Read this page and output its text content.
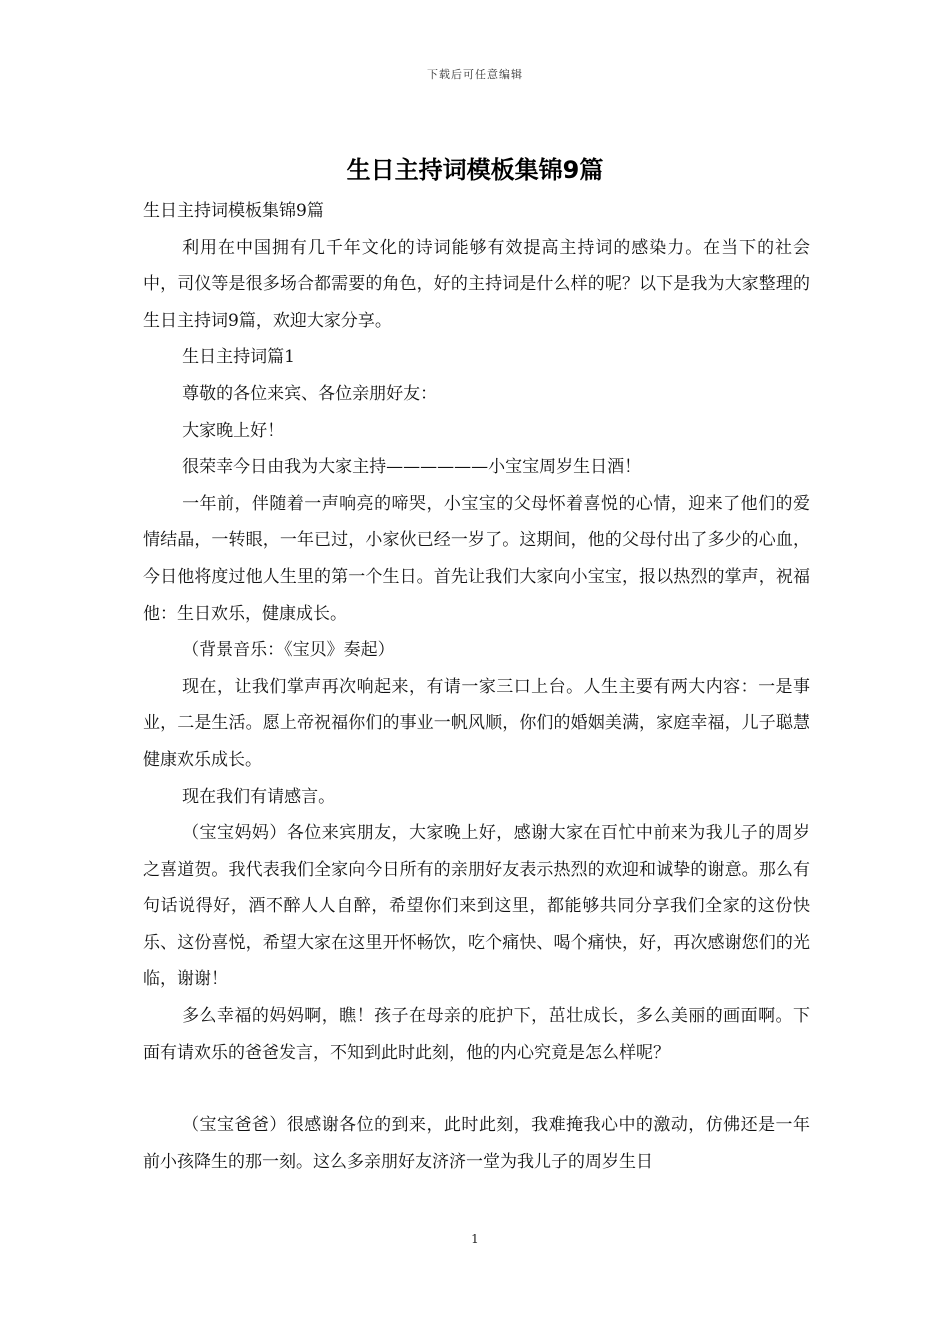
下载后可任意编辑
生日主持词模板集锦9篇

生日主持词模板集锦9篇

利用在中国拥有几千年文化的诗词能够有效提高主持词的感染力。在当下的社会中，司仪等是很多场合都需要的角色，好的主持词是什么样的呢？以下是我为大家整理的生日主持词9篇，欢迎大家分享。

生日主持词篇1

尊敬的各位来宾、各位亲朋好友：

大家晚上好！

很荣幸今日由我为大家主持——————小宝宝周岁生日酒！

一年前，伴随着一声响亮的啼哭，小宝宝的父母怀着喜悦的心情，迎来了他们的爱情结晶，一转眼，一年已过，小家伙已经一岁了。这期间，他的父母付出了多少的心血，今日他将度过他人生里的第一个生日。首先让我们大家向小宝宝，报以热烈的掌声，祝福他：生日欢乐，健康成长。

（背景音乐：《宝贝》奏起）

现在，让我们掌声再次响起来，有请一家三口上台。人生主要有两大内容：一是事业，二是生活。愿上帝祝福你们的事业一帆风顺，你们的婚姻美满，家庭幸福，儿子聪慧健康欢乐成长。

现在我们有请感言。

（宝宝妈妈）各位来宾朋友，大家晚上好，感谢大家在百忙中前来为我儿子的周岁之喜道贺。我代表我们全家向今日所有的亲朋好友表示热烈的欢迎和诚挚的谢意。那么有句话说得好，酒不醉人人自醉，希望你们来到这里，都能够共同分享我们全家的这份快乐、这份喜悦，希望大家在这里开怀畅饮，吃个痛快、喝个痛快，好，再次感谢您们的光临，谢谢！

多么幸福的妈妈啊，瞧！孩子在母亲的庇护下，茁壮成长，多么美丽的画面啊。下面有请欢乐的爸爸发言，不知到此时此刻，他的内心究竟是怎么样呢？

（宝宝爸爸）很感谢各位的到来，此时此刻，我难掩我心中的激动，仿佛还是一年前小孩降生的那一刻。这么多亲朋好友济济一堂为我儿子的周岁生日

1
